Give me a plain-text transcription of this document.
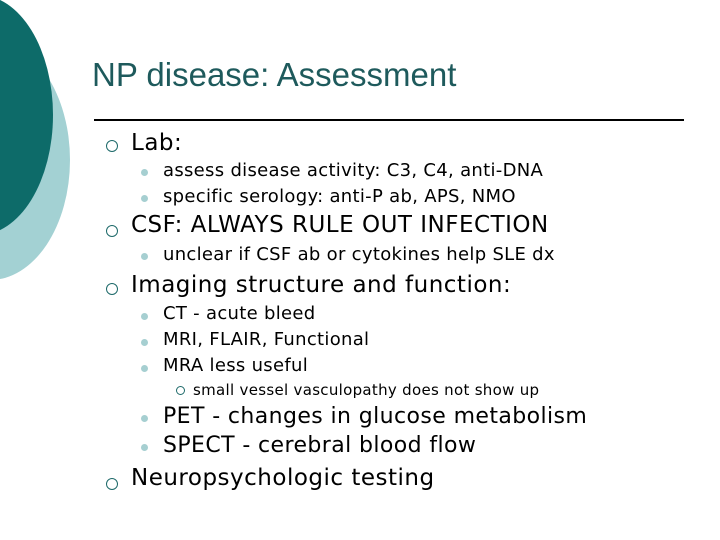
NP disease: Assessment
Lab:
assess disease activity: C3, C4, anti-DNA
specific serology: anti-P ab, APS, NMO
CSF: ALWAYS RULE OUT INFECTION
unclear if CSF ab or cytokines help SLE dx
Imaging structure and function:
CT - acute bleed
MRI, FLAIR, Functional
MRA less useful
small vessel vasculopathy does not show up
PET - changes in glucose metabolism
SPECT - cerebral blood flow
Neuropsychologic testing
